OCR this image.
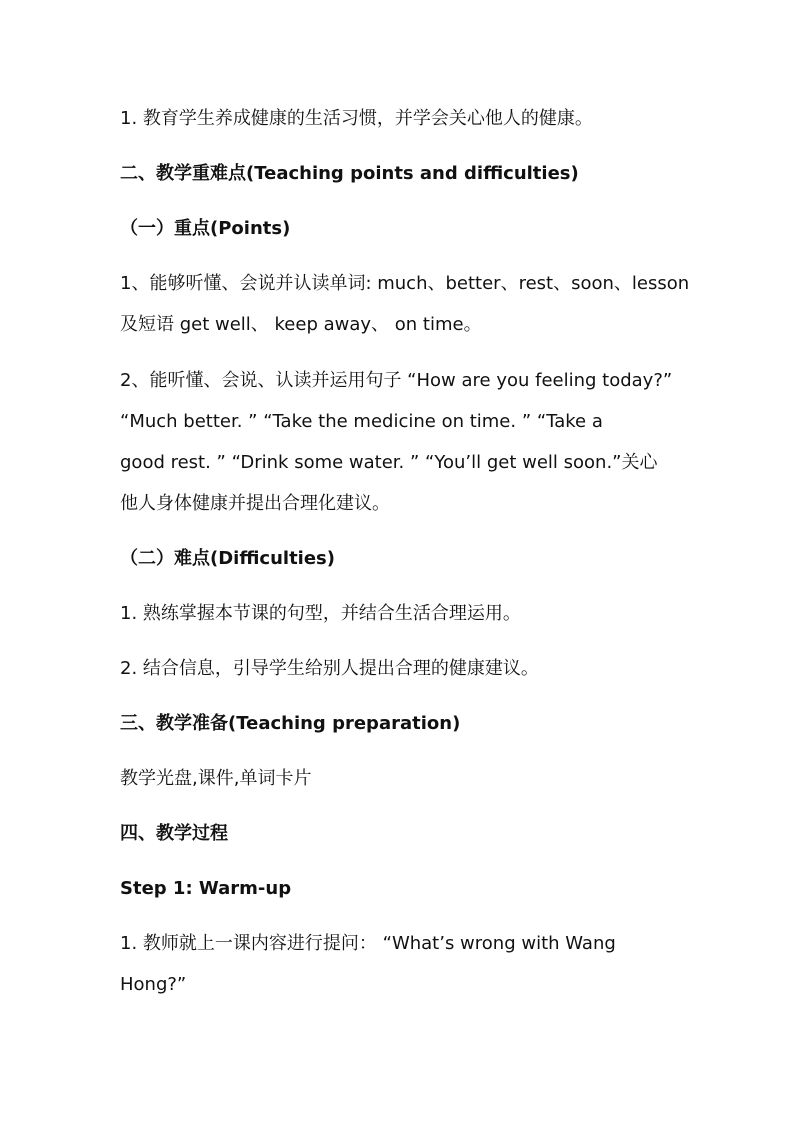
1. 教育学生养成健康的生活习惯，并学会关心他人的健康。
二、教学重难点(Teaching points and difficulties)
（一）重点(Points)
1、能够听懂、会说并认读单词: much、better、rest、soon、lesson
及短语 get well、 keep away、 on time。
2、能听懂、会说、认读并运用句子 “How are you feeling today?”
“Much better. ” “Take the medicine on time. ” “Take a
good rest. ” “Drink some water. ” “You’ll get well soon.”关心
他人身体健康并提出合理化建议。
（二）难点(Difficulties)
1. 熟练掌握本节课的句型，并结合生活合理运用。
2. 结合信息，引导学生给别人提出合理的健康建议。
三、教学准备(Teaching preparation)
教学光盘,课件,单词卡片
四、教学过程
Step 1: Warm-up
1. 教师就上一课内容进行提问： “What’s wrong with Wang
Hong?”
